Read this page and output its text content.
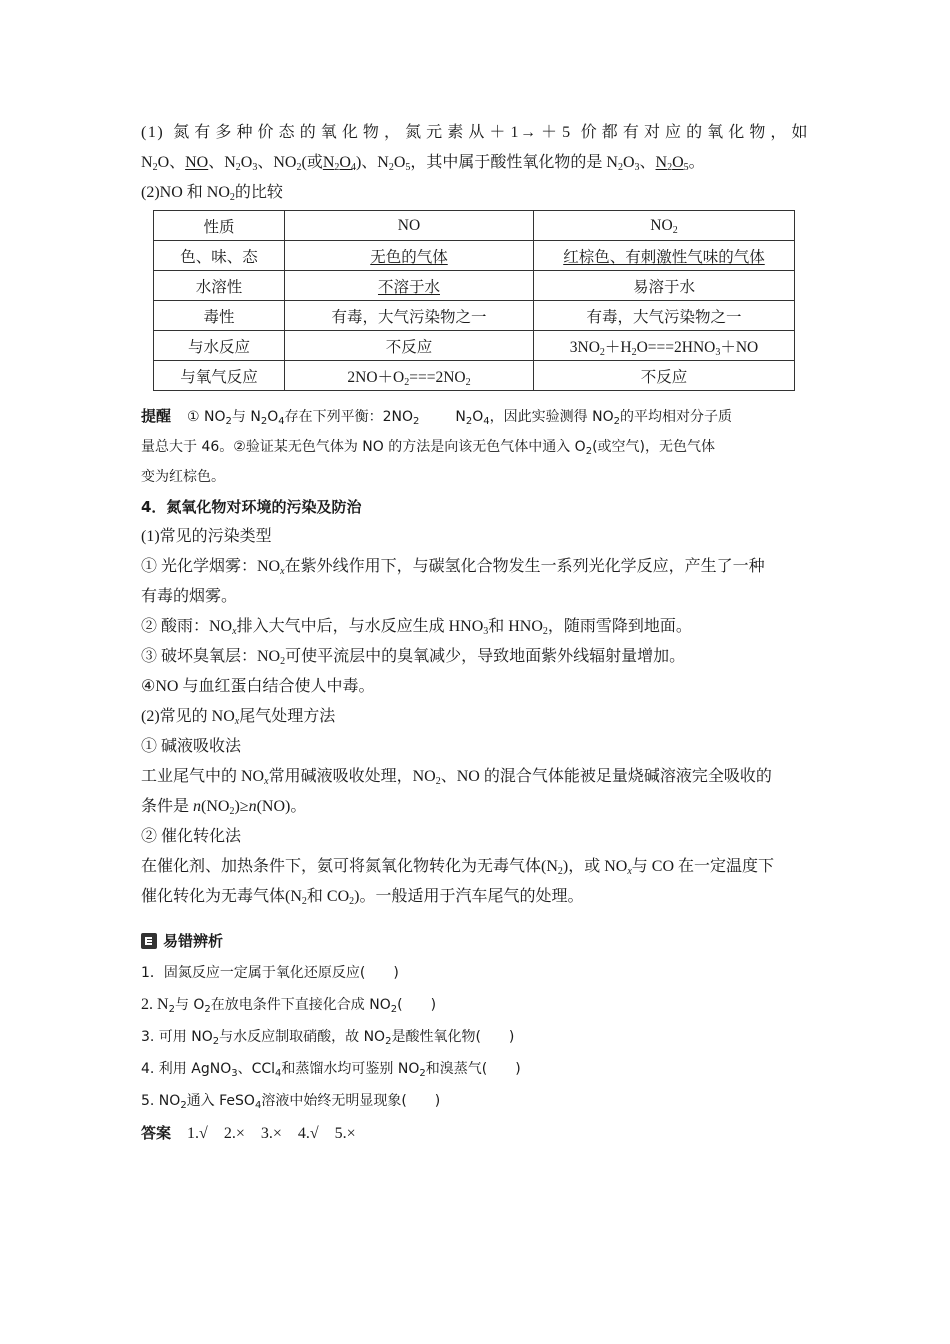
(1) 氮有多种价态的氧化物，氮元素从＋1→＋5 价都有对应的氧化物，如
$N_2O$、NO、$N_2O_3$、$NO_2$(或$N_2O_4$)、$N_2O_5$，其中属于酸性氧化物的是 $N_2O_3$、$N_2O_5$。
(2)NO 和 $NO_2$的比较
性质	NO	$NO_2$
色、味、态	无色的气体	红棕色、有刺激性气味的气体
水溶性	不溶于水	易溶于水
毒性	有毒，大气污染物之一	有毒，大气污染物之一
与水反应	不反应	$3NO_2+H_2O===2HNO_3+NO$
与氧气反应	$2NO+O_2===2NO_2$	不反应
提醒　 ① $NO_2$与 $N_2O_4$存在下列平衡：$2NO_2$	$N_2O_4$，因此实验测得 $NO_2$的平均相对分子质
量总大于 46。②验证某无色气体为 NO 的方法是向该无色气体中通入 $O_2$(或空气)，无色气体
变为红棕色。
4．氮氧化物对环境的污染及防治
(1)常见的污染类型
① 光化学烟雾：$NO_x$在紫外线作用下，与碳氢化合物发生一系列光化学反应，产生了一种
有毒的烟雾。
② 酸雨：$NO_x$排入大气中后，与水反应生成 $HNO_3$和 $HNO_2$，随雨雪降到地面。
③ 破坏臭氧层：$NO_2$可使平流层中的臭氧减少，导致地面紫外线辐射量增加。
④NO 与血红蛋白结合使人中毒。
(2)常见的 $NO_x$尾气处理方法
① 碱液吸收法
工业尾气中的 $NO_x$常用碱液吸收处理，$NO_2$、NO 的混合气体能被足量烧碱溶液完全吸收的
条件是 $n(NO_2)\ge n(NO)$。
② 催化转化法
在催化剂、加热条件下，氨可将氮氧化物转化为无毒气体$(N_2)$，或 $NO_x$与 CO 在一定温度下
催化转化为无毒气体($N_2$和 $CO_2$)。一般适用于汽车尾气的处理。
易错辨析
1．固氮反应一定属于氧化还原反应(　　)
2. $N_2$与 $O_2$在放电条件下直接化合成 $NO_2$(　　)
3. 可用 $NO_2$与水反应制取硝酸，故 $NO_2$是酸性氧化物(　　)
4. 利用 AgNO$_3$、CCl$_4$和蒸馏水均可鉴别 $NO_2$和溴蒸气(　　)
5. $NO_2$通入 FeSO$_4$溶液中始终无明显现象(　　)
答案　 1.√　2.×　3.×　4.√　5.×
